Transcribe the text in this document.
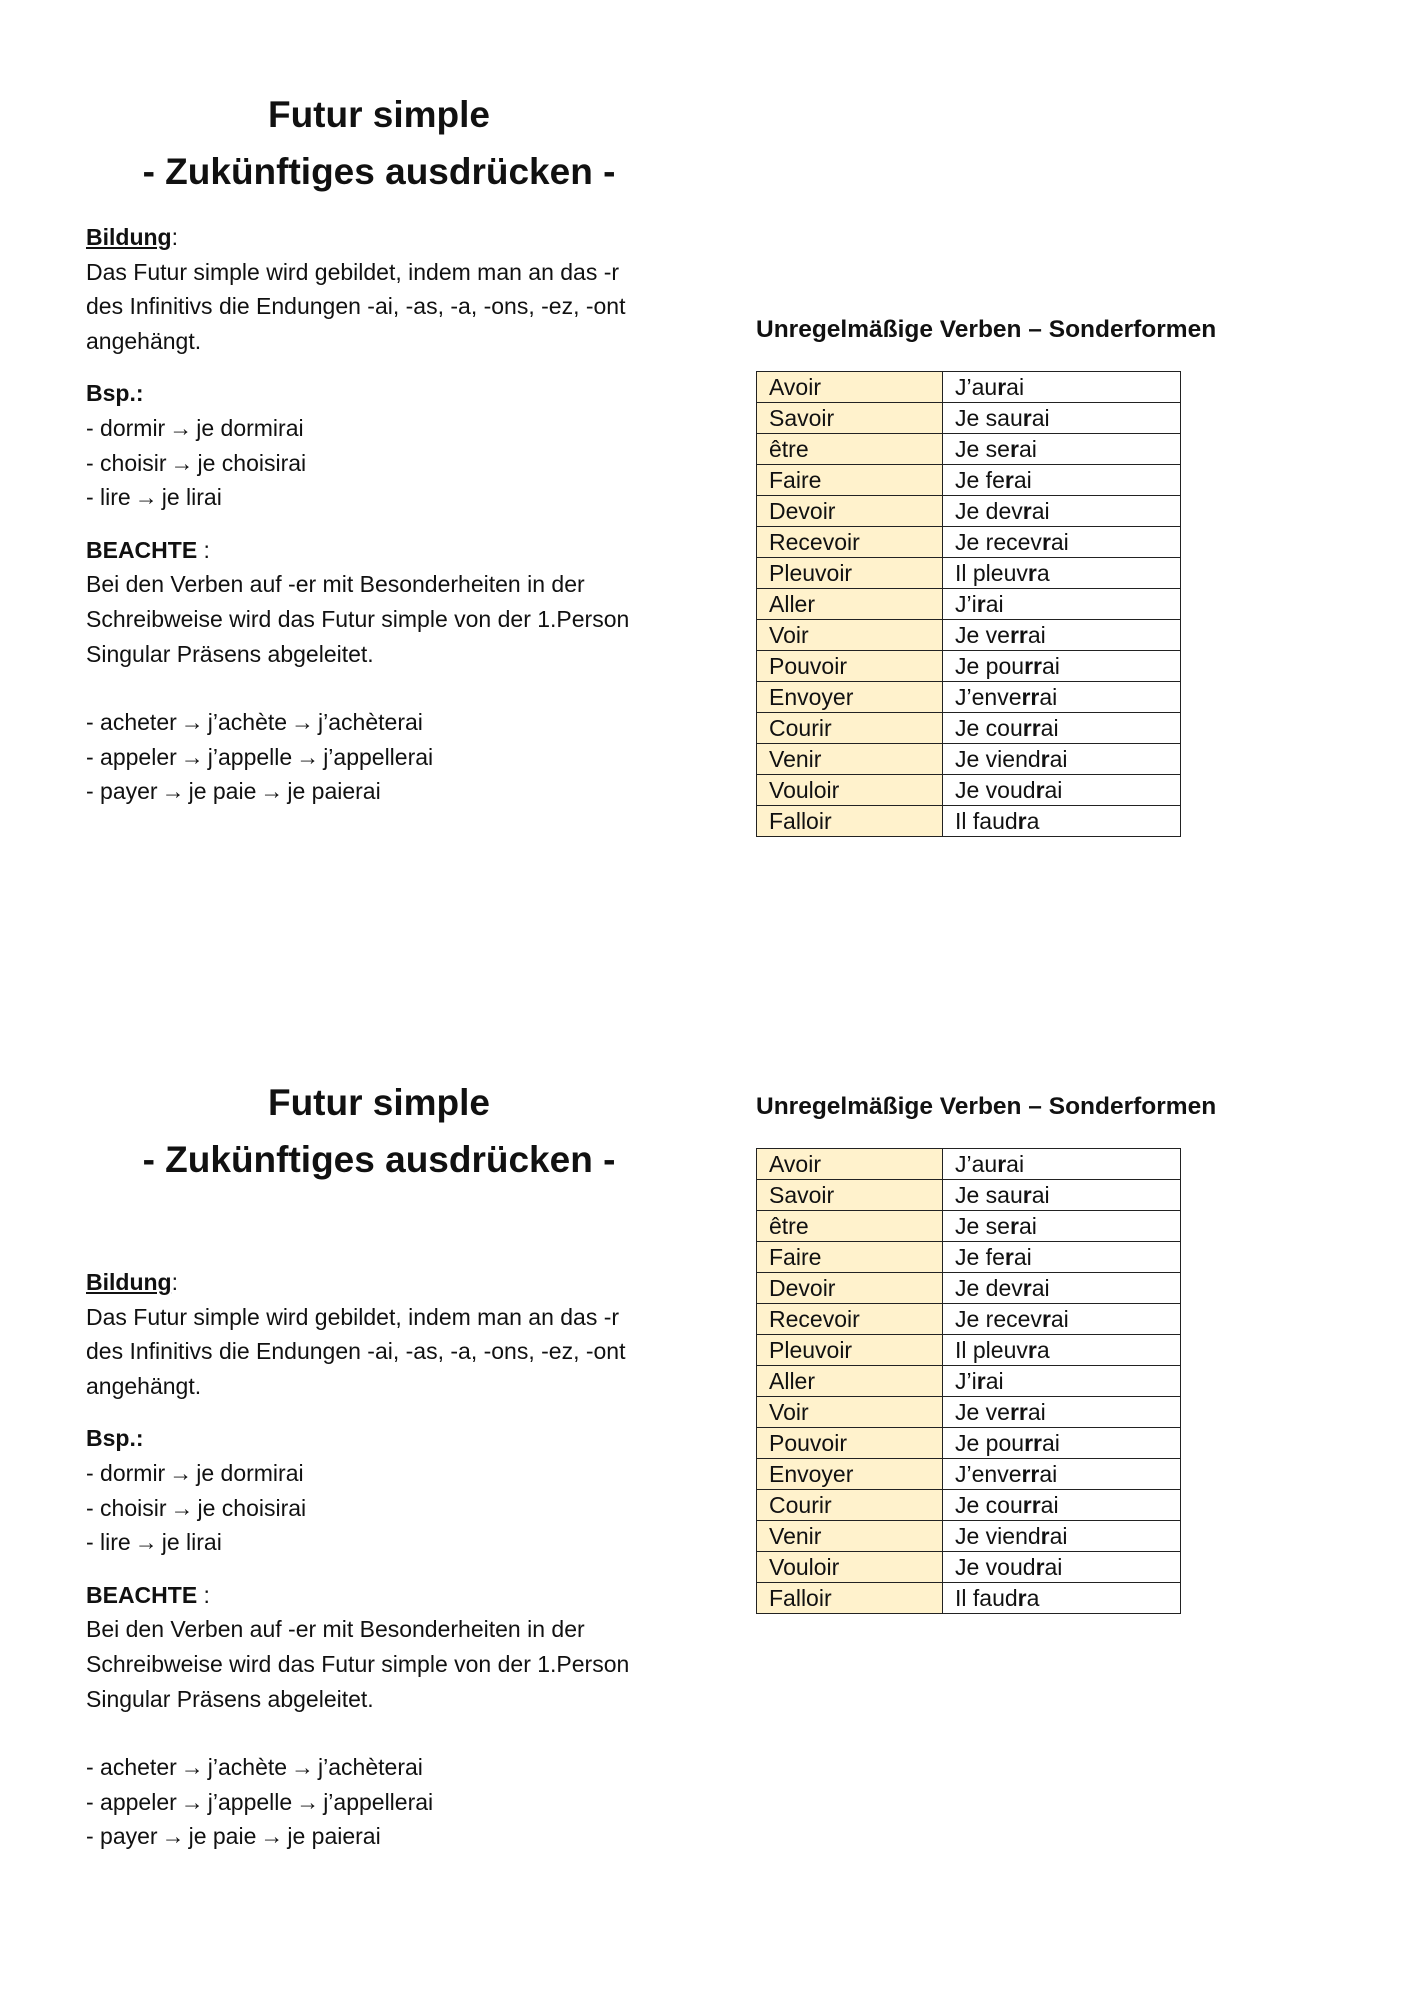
Futur simple
- Zukünftiges ausdrücken -

Bildung:

Das Futur simple wird gebildet, indem man an das -r

des Infinitivs die Endungen -ai, -as, -a, -ons, -ez, -ont

angehängt.

Bsp.:

- dormir → je dormirai

- choisir → je choisirai

- lire → je lirai

BEACHTE :

Bei den Verben auf -er mit Besonderheiten in der

Schreibweise wird das Futur simple von der 1.Person

Singular Präsens abgeleitet.

- acheter → j’achète → j’achèterai

- appeler → j’appelle → j’appellerai

- payer → je paie → je paierai

Unregelmäßige Verben – Sonderformen
Avoir	J’aurai
Savoir	Je saurai
être	Je serai
Faire	Je ferai
Devoir	Je devrai
Recevoir	Je recevrai
Pleuvoir	Il pleuvra
Aller	J’irai
Voir	Je verrai
Pouvoir	Je pourrai
Envoyer	J’enverrai
Courir	Je courrai
Venir	Je viendrai
Vouloir	Je voudrai
Falloir	Il faudra
Futur simple
- Zukünftiges ausdrücken -

Bildung:

Das Futur simple wird gebildet, indem man an das -r

des Infinitivs die Endungen -ai, -as, -a, -ons, -ez, -ont

angehängt.

Bsp.:

- dormir → je dormirai

- choisir → je choisirai

- lire → je lirai

BEACHTE :

Bei den Verben auf -er mit Besonderheiten in der

Schreibweise wird das Futur simple von der 1.Person

Singular Präsens abgeleitet.

- acheter → j’achète → j’achèterai

- appeler → j’appelle → j’appellerai

- payer → je paie → je paierai

Unregelmäßige Verben – Sonderformen
Avoir	J’aurai
Savoir	Je saurai
être	Je serai
Faire	Je ferai
Devoir	Je devrai
Recevoir	Je recevrai
Pleuvoir	Il pleuvra
Aller	J’irai
Voir	Je verrai
Pouvoir	Je pourrai
Envoyer	J’enverrai
Courir	Je courrai
Venir	Je viendrai
Vouloir	Je voudrai
Falloir	Il faudra
